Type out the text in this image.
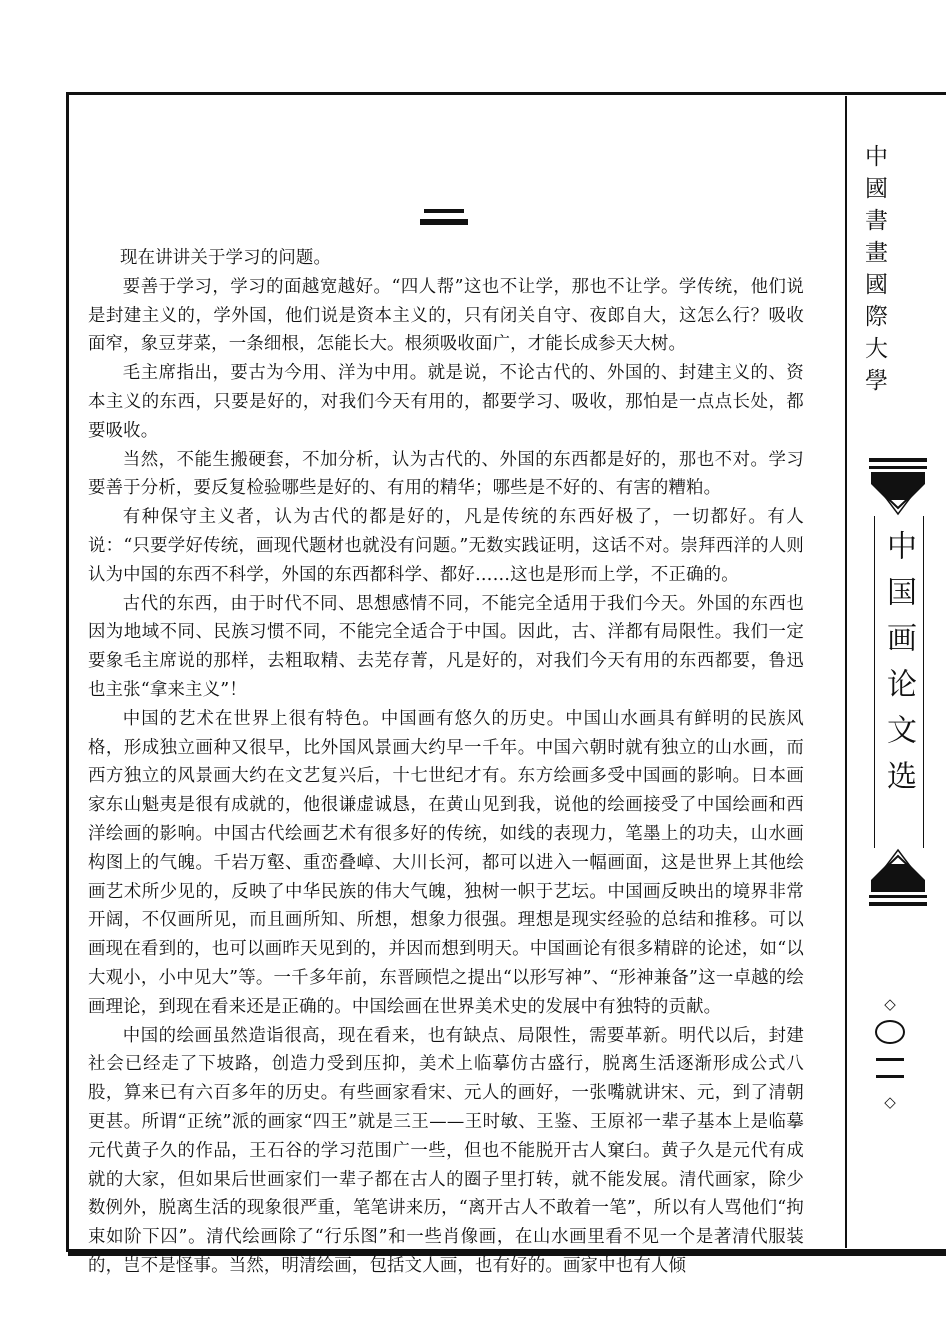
现在讲讲关于学习的问题。

要善于学习，学习的面越宽越好。“四人帮”这也不让学，那也不让学。学传统，他们说是封建主义的，学外国，他们说是资本主义的，只有闭关自守、夜郎自大，这怎么行？吸收面窄，象豆芽菜，一条细根，怎能长大。根须吸收面广，才能长成参天大树。

毛主席指出，要古为今用、洋为中用。就是说，不论古代的、外国的、封建主义的、资本主义的东西，只要是好的，对我们今天有用的，都要学习、吸收，那怕是一点点长处，都要吸收。

当然，不能生搬硬套，不加分析，认为古代的、外国的东西都是好的，那也不对。学习要善于分析，要反复检验哪些是好的、有用的精华；哪些是不好的、有害的糟粕。

有种保守主义者，认为古代的都是好的，凡是传统的东西好极了，一切都好。有人说：“只要学好传统，画现代题材也就没有问题。”无数实践证明，这话不对。崇拜西洋的人则认为中国的东西不科学，外国的东西都科学、都好……这也是形而上学，不正确的。

古代的东西，由于时代不同、思想感情不同，不能完全适用于我们今天。外国的东西也因为地域不同、民族习惯不同，不能完全适合于中国。因此，古、洋都有局限性。我们一定要象毛主席说的那样，去粗取精、去芜存菁，凡是好的，对我们今天有用的东西都要，鲁迅也主张“拿来主义”！

中国的艺术在世界上很有特色。中国画有悠久的历史。中国山水画具有鲜明的民族风格，形成独立画种又很早，比外国风景画大约早一千年。中国六朝时就有独立的山水画，而西方独立的风景画大约在文艺复兴后，十七世纪才有。东方绘画多受中国画的影响。日本画家东山魁夷是很有成就的，他很谦虚诚恳，在黄山见到我，说他的绘画接受了中国绘画和西洋绘画的影响。中国古代绘画艺术有很多好的传统，如线的表现力，笔墨上的功夫，山水画构图上的气魄。千岩万壑、重峦叠嶂、大川长河，都可以进入一幅画面，这是世界上其他绘画艺术所少见的，反映了中华民族的伟大气魄，独树一帜于艺坛。中国画反映出的境界非常开阔，不仅画所见，而且画所知、所想，想象力很强。理想是现实经验的总结和推移。可以画现在看到的，也可以画昨天见到的，并因而想到明天。中国画论有很多精辟的论述，如“以大观小，小中见大”等。一千多年前，东晋顾恺之提出“以形写神”、“形神兼备”这一卓越的绘画理论，到现在看来还是正确的。中国绘画在世界美术史的发展中有独特的贡献。

中国的绘画虽然造诣很高，现在看来，也有缺点、局限性，需要革新。明代以后，封建社会已经走了下坡路，创造力受到压抑，美术上临摹仿古盛行，脱离生活逐渐形成公式八股，算来已有六百多年的历史。有些画家看宋、元人的画好，一张嘴就讲宋、元，到了清朝更甚。所谓“正统”派的画家“四王”就是三王——王时敏、王鉴、王原祁一辈子基本上是临摹元代黄子久的作品，王石谷的学习范围广一些，但也不能脱开古人窠臼。黄子久是元代有成就的大家，但如果后世画家们一辈子都在古人的圈子里打转，就不能发展。清代画家，除少数例外，脱离生活的现象很严重，笔笔讲来历，“离开古人不敢着一笔”，所以有人骂他们“拘束如阶下囚”。清代绘画除了“行乐图”和一些肖像画，在山水画里看不见一个是著清代服装的，岂不是怪事。当然，明清绘画，包括文人画，也有好的。画家中也有人倾

中國書畫國際大學
中国画论文选
◇
◇
